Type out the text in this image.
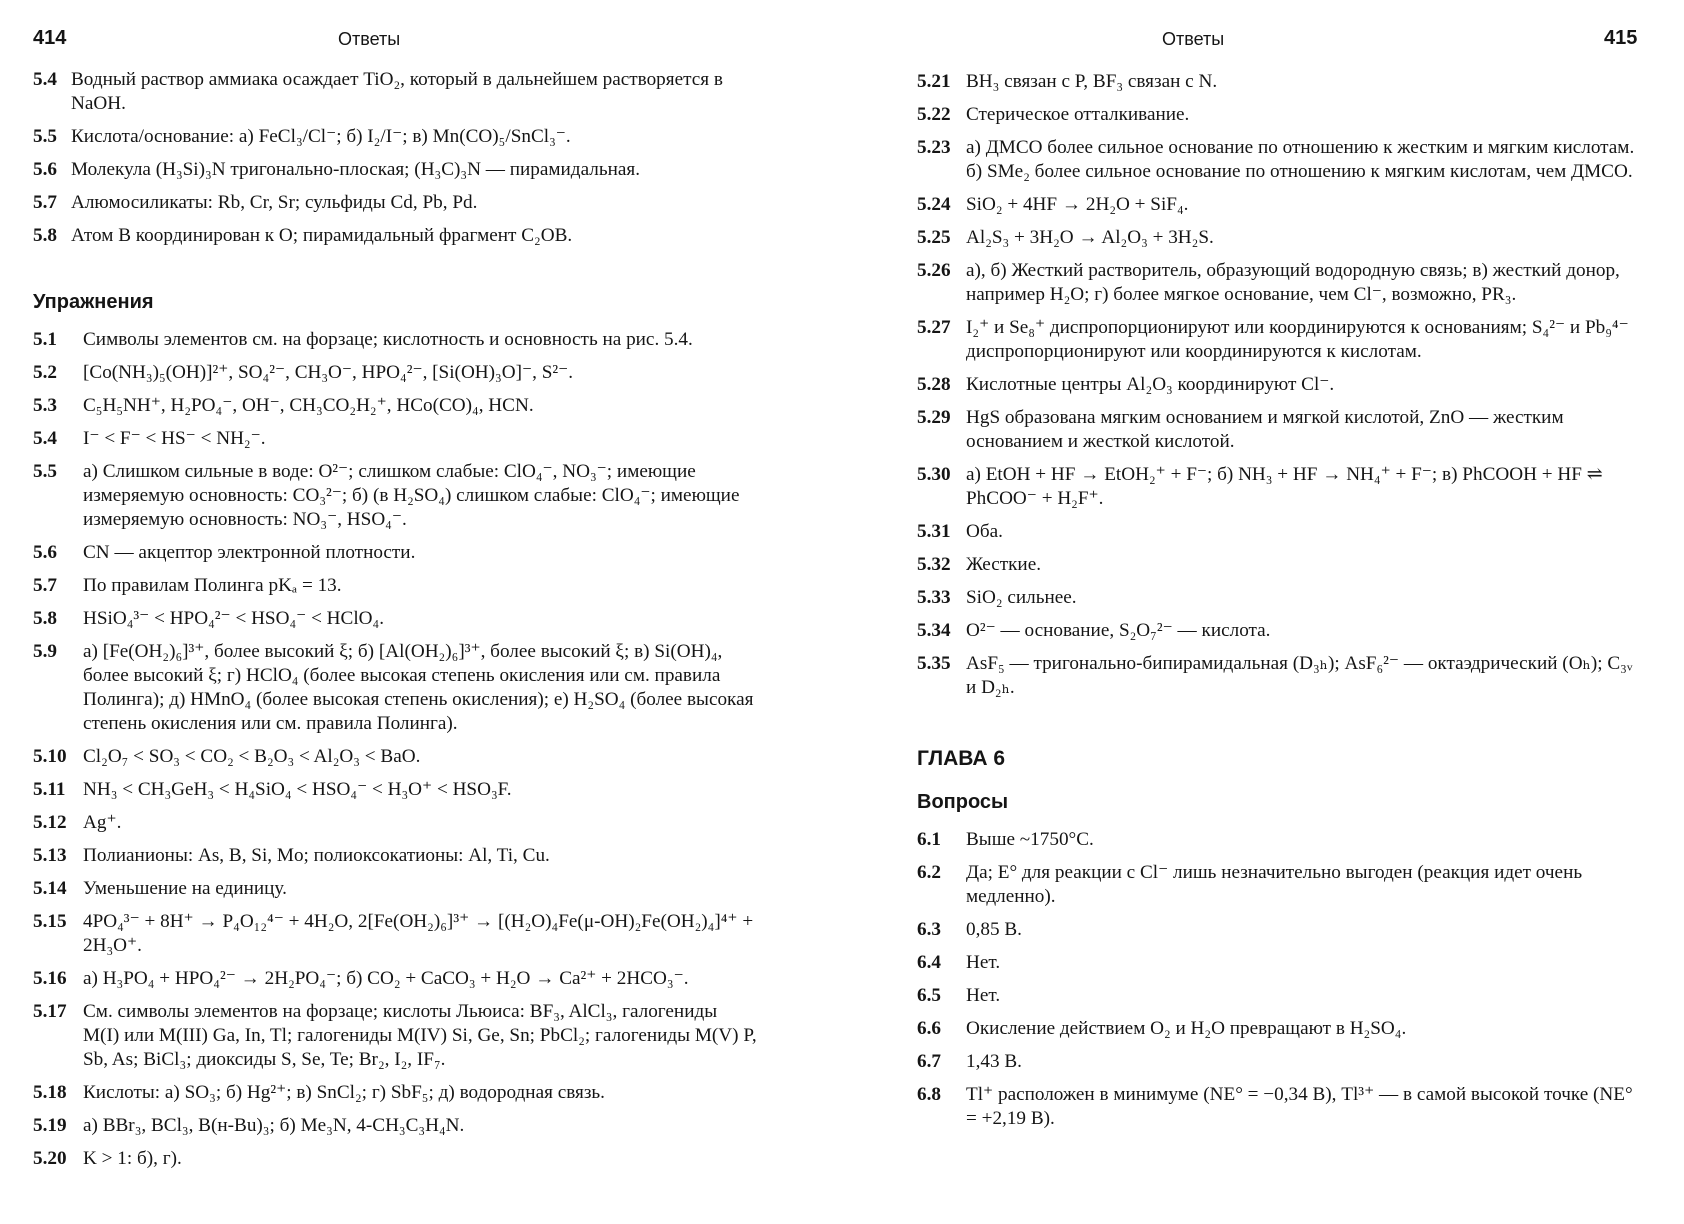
414	Ответы
5.4 Водный раствор аммиака осаждает TiO₂, который в дальнейшем растворяется в NaOH.
5.5 Кислота/основание: а) FeCl₃/Cl⁻; б) I₂/I⁻; в) Mn(CO)₅/SnCl₃⁻.
5.6 Молекула (H₃Si)₃N тригонально-плоская; (H₃C)₃N — пирамидальная.
5.7 Алюмосиликаты: Rb, Cr, Sr; сульфиды Cd, Pb, Pd.
5.8 Атом B координирован к O; пирамидальный фрагмент C₂OB.
Упражнения
5.1	Символы элементов см. на форзаце; кислотность и основность на рис. 5.4.
5.2	[Co(NH₃)₅(OH)]²⁺, SO₄²⁻, CH₃O⁻, HPO₄²⁻, [Si(OH)₃O]⁻, S²⁻.
5.3	C₅H₅NH⁺, H₂PO₄⁻, OH⁻, CH₃CO₂H₂⁺, HCo(CO)₄, HCN.
5.4	I⁻ < F⁻ < HS⁻ < NH₂⁻.
5.5	а) Слишком сильные в воде: O²⁻; слишком слабые: ClO₄⁻, NO₃⁻; имеющие измеряемую основность: CO₃²⁻; б) (в H₂SO₄) слишком слабые: ClO₄⁻; имеющие измеряемую основность: NO₃⁻, HSO₄⁻.
5.6	CN — акцептор электронной плотности.
5.7	По правилам Полинга pKₐ = 13.
5.8	HSiO₄³⁻ < HPO₄²⁻ < HSO₄⁻ < HClO₄.
5.9	а) [Fe(OH₂)₆]³⁺, более высокий ξ; б) [Al(OH₂)₆]³⁺, более высокий ξ; в) Si(OH)₄, более высокий ξ; г) HClO₄ (более высокая степень окисления или см. правила Полинга); д) HMnO₄ (более высокая степень окисления); е) H₂SO₄ (более высокая степень окисления или см. правила Полинга).
5.10 Cl₂O₇ < SO₃ < CO₂ < B₂O₃ < Al₂O₃ < BaO.
5.11 NH₃ < CH₃GeH₃ < H₄SiO₄ < HSO₄⁻ < H₃O⁺ < HSO₃F.
5.12 Ag⁺.
5.13 Полианионы: As, B, Si, Mo; полиоксокатионы: Al, Ti, Cu.
5.14 Уменьшение на единицу.
5.15 4PO₄³⁻ + 8H⁺ → P₄O₁₂⁴⁻ + 4H₂O, 2[Fe(OH₂)₆]³⁺ → [(H₂O)₄Fe(μ-OH)₂Fe(OH₂)₄]⁴⁺ + 2H₃O⁺.
5.16 а) H₃PO₄ + HPO₄²⁻ → 2H₂PO₄⁻; б) CO₂ + CaCO₃ + H₂O → Ca²⁺ + 2HCO₃⁻.
5.17 См. символы элементов на форзаце; кислоты Льюиса: BF₃, AlCl₃, галогениды M(I) или M(III) Ga, In, Tl; галогениды M(IV) Si, Ge, Sn; PbCl₂; галогениды M(V) P, Sb, As; BiCl₃; диоксиды S, Se, Te; Br₂, I₂, IF₇.
5.18 Кислоты: а) SO₃; б) Hg²⁺; в) SnCl₂; г) SbF₅; д) водородная связь.
5.19 а) BBr₃, BCl₃, B(н-Bu)₃; б) Me₃N, 4-CH₃C₃H₄N.
5.20 K > 1: б), г).
Ответы	415
5.21 BH₃ связан с P, BF₃ связан с N.
5.22 Стерическое отталкивание.
5.23 а) ДМСО более сильное основание по отношению к жестким и мягким кислотам. б) SMe₂ более сильное основание по отношению к мягким кислотам, чем ДМСО.
5.24 SiO₂ + 4HF → 2H₂O + SiF₄.
5.25 Al₂S₃ + 3H₂O → Al₂O₃ + 3H₂S.
5.26 а), б) Жесткий растворитель, образующий водородную связь; в) жесткий донор, например H₂O; г) более мягкое основание, чем Cl⁻, возможно, PR₃.
5.27 I₂⁺ и Se₈⁺ диспропорционируют или координируются к основаниям; S₄²⁻ и Pb₉⁴⁻ диспропорционируют или координируются к кислотам.
5.28 Кислотные центры Al₂O₃ координируют Cl⁻.
5.29 HgS образована мягким основанием и мягкой кислотой, ZnO — жестким основанием и жесткой кислотой.
5.30 а) EtOH + HF → EtOH₂⁺ + F⁻; б) NH₃ + HF → NH₄⁺ + F⁻; в) PhCOOH + HF ⇌ PhCOO⁻ + H₂F⁺.
5.31 Оба.
5.32 Жесткие.
5.33 SiO₂ сильнее.
5.34 O²⁻ — основание, S₂O₇²⁻ — кислота.
5.35 AsF₅ — тригонально-бипирамидальная (D₃ₕ); AsF₆²⁻ — октаэдрический (Oₕ); C₃ᵥ и D₂ₕ.
ГЛАВА 6
Вопросы
6.1	Выше ~1750°C.
6.2	Да; E° для реакции с Cl⁻ лишь незначительно выгоден (реакция идет очень медленно).
6.3	0,85 В.
6.4	Нет.
6.5	Нет.
6.6	Окисление действием O₂ и H₂O превращают в H₂SO₄.
6.7	1,43 В.
6.8	Tl⁺ расположен в минимуме (NE° = −0,34 В), Tl³⁺ — в самой высокой точке (NE° = +2,19 В).
